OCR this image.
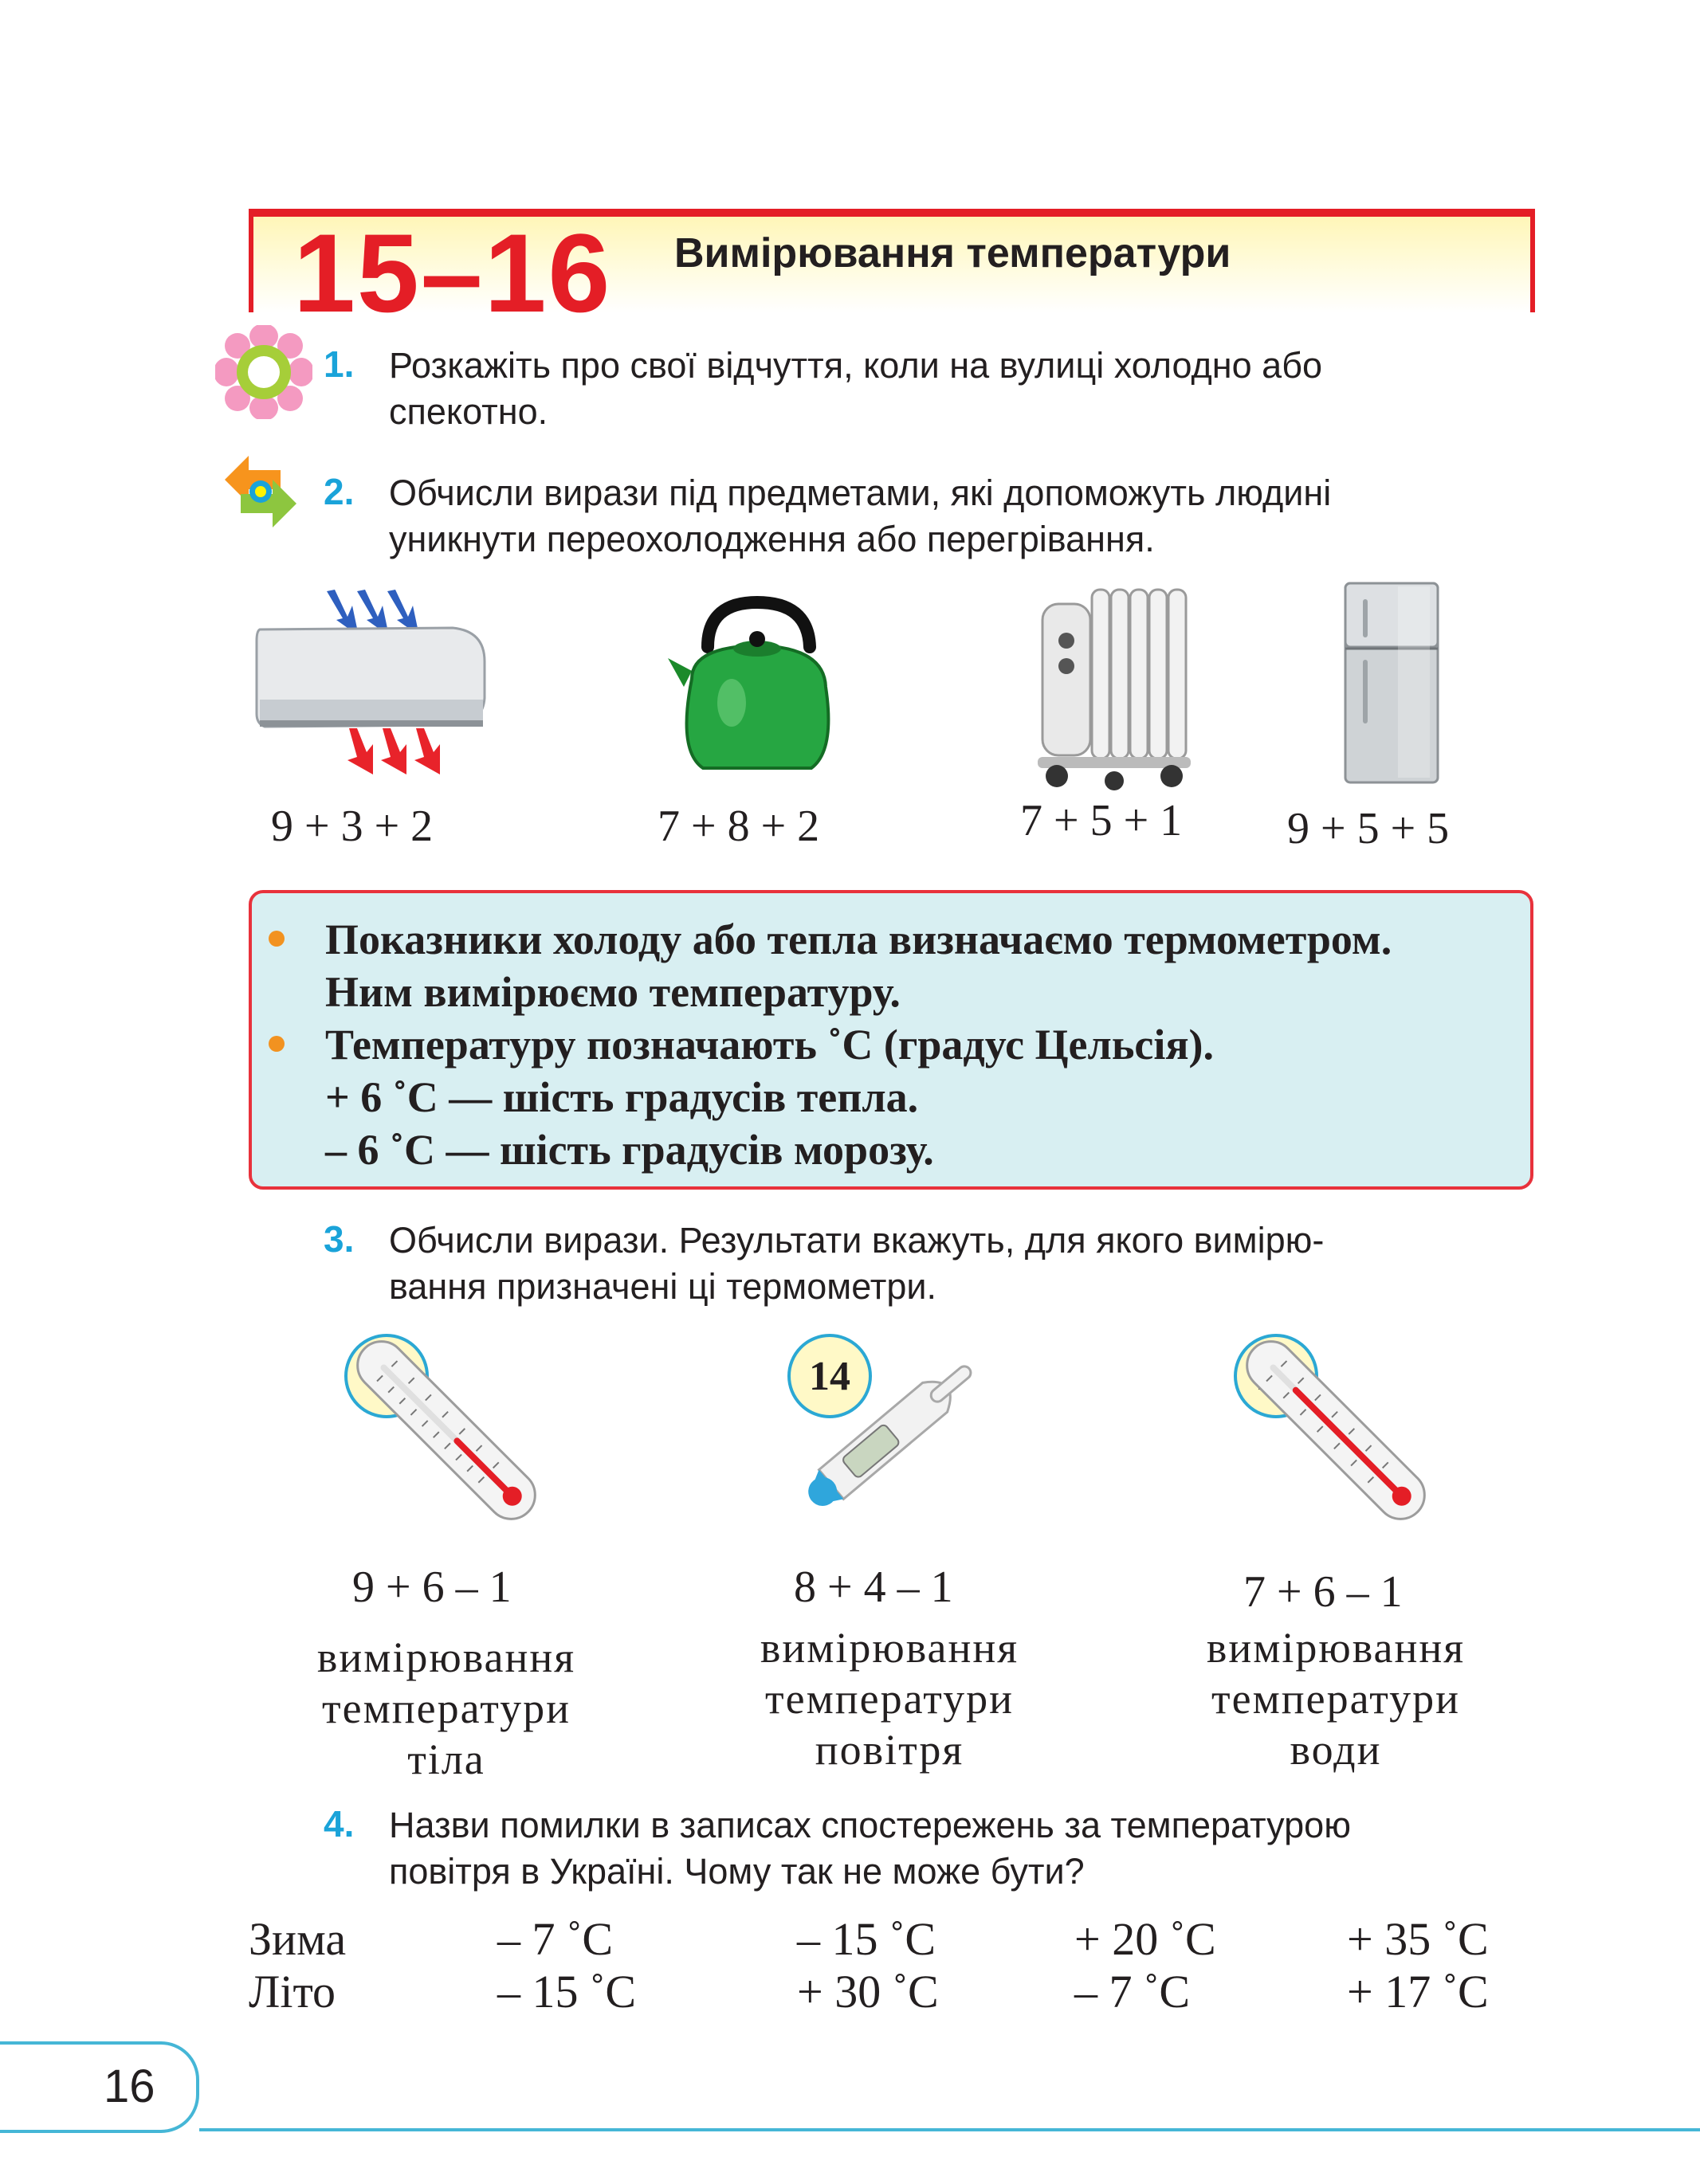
15–16 Вимірювання температури
1. Розкажіть про свої відчуття, коли на вулиці холодно або
спекотно.
2. Обчисли вирази під предметами, які допоможуть людині
уникнути переохолодження або перегрівання.
9 + 3 + 2	7 + 8 + 2	7 + 5 + 1 9 + 5 + 5
Показники холоду або тепла визначаємо термометром.
Ним вимірюємо температуру.
Температуру позначають ˚С (градус Цельсія).
+ 6 ˚С — шість градусів тепла.
– 6 ˚С — шість градусів морозу.
3. Обчисли вирази. Результати вкажуть, для якого вимірю-
вання призначені ці термометри.
9 + 6 – 1
вимірювання
температури
тіла
14
8 + 4 – 1
вимірювання
температури
повітря
7 + 6 – 1
вимірювання
температури
води
4. Назви помилки в записах спостережень за температурою
повітря в Україні. Чому так не може бути?
Зима	– 7 ˚С	– 15 ˚С	+ 20 ˚С	+ 35 ˚С
Літо	– 15 ˚С	+ 30 ˚С	– 7 ˚С	+ 17 ˚С
16
